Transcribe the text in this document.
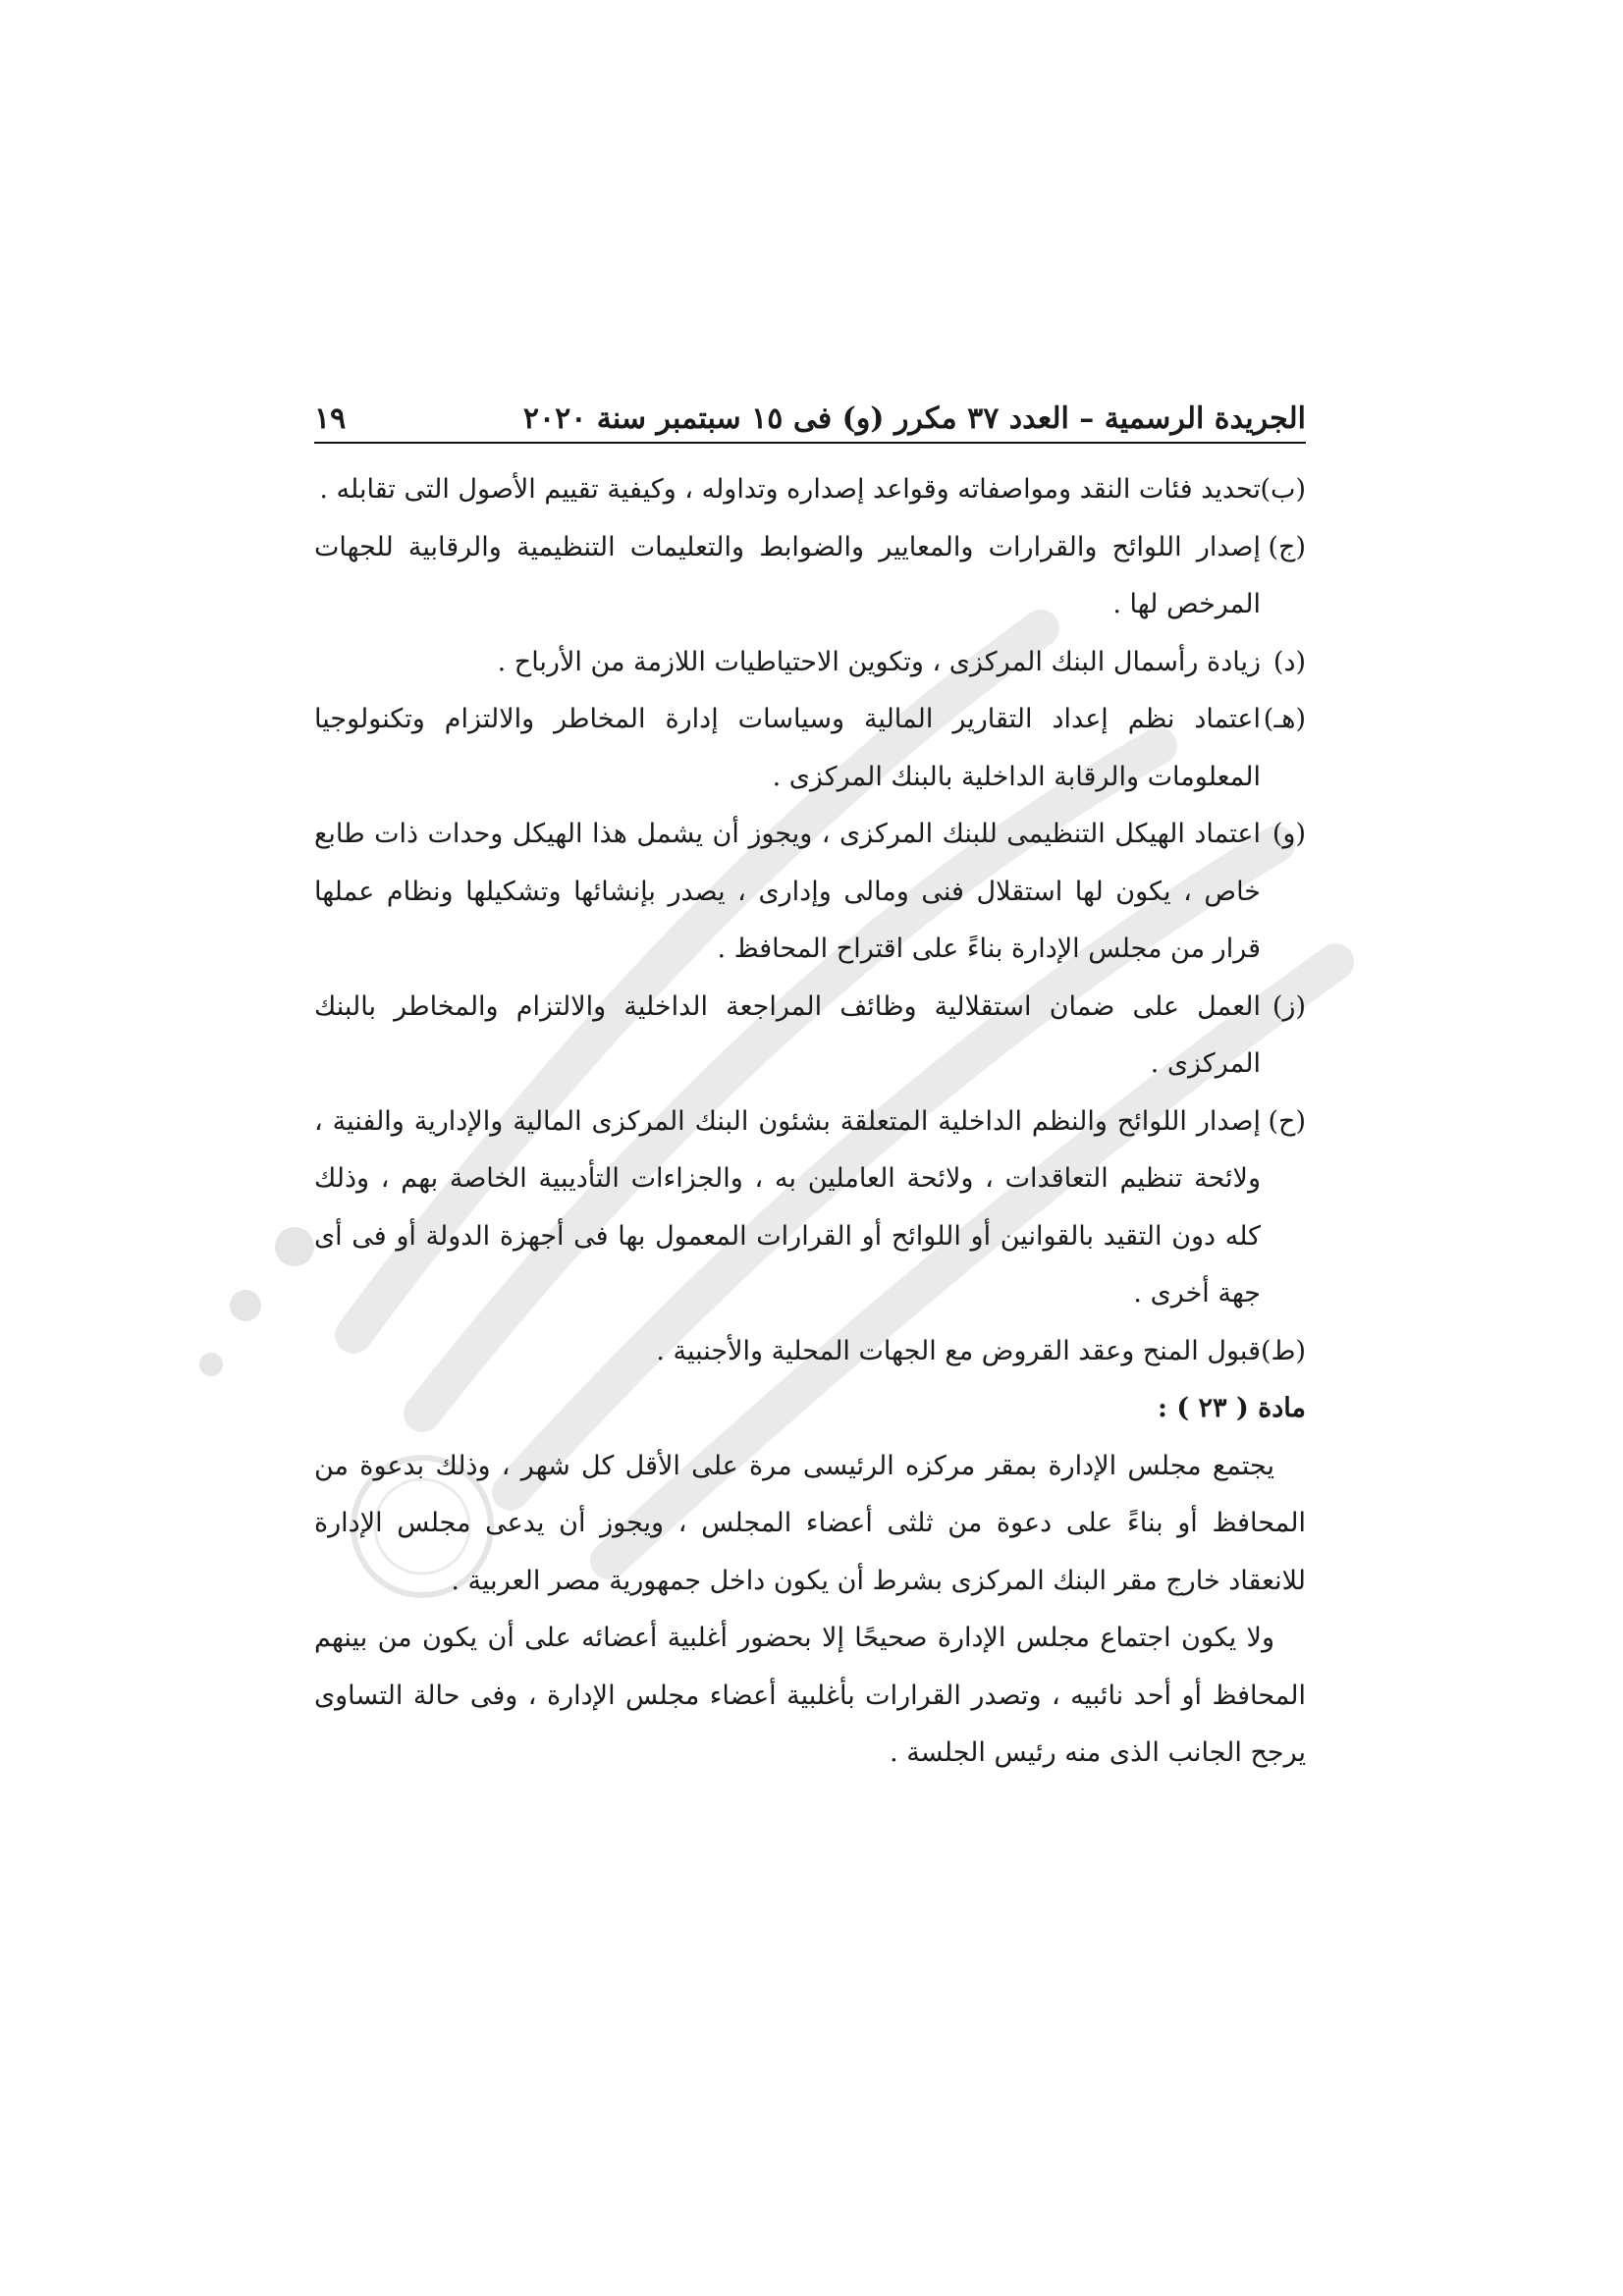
الجريدة الرسمية – العدد ٣٧ مكرر (و) فى ١٥ سبتمبر سنة ٢٠٢٠
١٩
(ب)
تحديد فئات النقد ومواصفاته وقواعد إصداره وتداوله ، وكيفية تقييم الأصول التى تقابله .
(ج)
إصدار اللوائح والقرارات والمعايير والضوابط والتعليمات التنظيمية والرقابية للجهات المرخص لها .
(د)
زيادة رأسمال البنك المركزى ، وتكوين الاحتياطيات اللازمة من الأرباح .
(هـ)
اعتماد نظم إعداد التقارير المالية وسياسات إدارة المخاطر والالتزام وتكنولوجيا المعلومات والرقابة الداخلية بالبنك المركزى .
(و)
اعتماد الهيكل التنظيمى للبنك المركزى ، ويجوز أن يشمل هذا الهيكل وحدات ذات طابع خاص ، يكون لها استقلال فنى ومالى وإدارى ، يصدر بإنشائها وتشكيلها ونظام عملها قرار من مجلس الإدارة بناءً على اقتراح المحافظ .
(ز)
العمل على ضمان استقلالية وظائف المراجعة الداخلية والالتزام والمخاطر بالبنك المركزى .
(ح)
إصدار اللوائح والنظم الداخلية المتعلقة بشئون البنك المركزى المالية والإدارية والفنية ، ولائحة تنظيم التعاقدات ، ولائحة العاملين به ، والجزاءات التأديبية الخاصة بهم ، وذلك كله دون التقيد بالقوانين أو اللوائح أو القرارات المعمول بها فى أجهزة الدولة أو فى أى جهة أخرى .
(ط)
قبول المنح وعقد القروض مع الجهات المحلية والأجنبية .
مادة ( ٢٣ ) :
يجتمع مجلس الإدارة بمقر مركزه الرئيسى مرة على الأقل كل شهر ، وذلك بدعوة من المحافظ أو بناءً على دعوة من ثلثى أعضاء المجلس ، ويجوز أن يدعى مجلس الإدارة للانعقاد خارج مقر البنك المركزى بشرط أن يكون داخل جمهورية مصر العربية .
ولا يكون اجتماع مجلس الإدارة صحيحًا إلا بحضور أغلبية أعضائه على أن يكون من بينهم المحافظ أو أحد نائبيه ، وتصدر القرارات بأغلبية أعضاء مجلس الإدارة ، وفى حالة التساوى يرجح الجانب الذى منه رئيس الجلسة .
